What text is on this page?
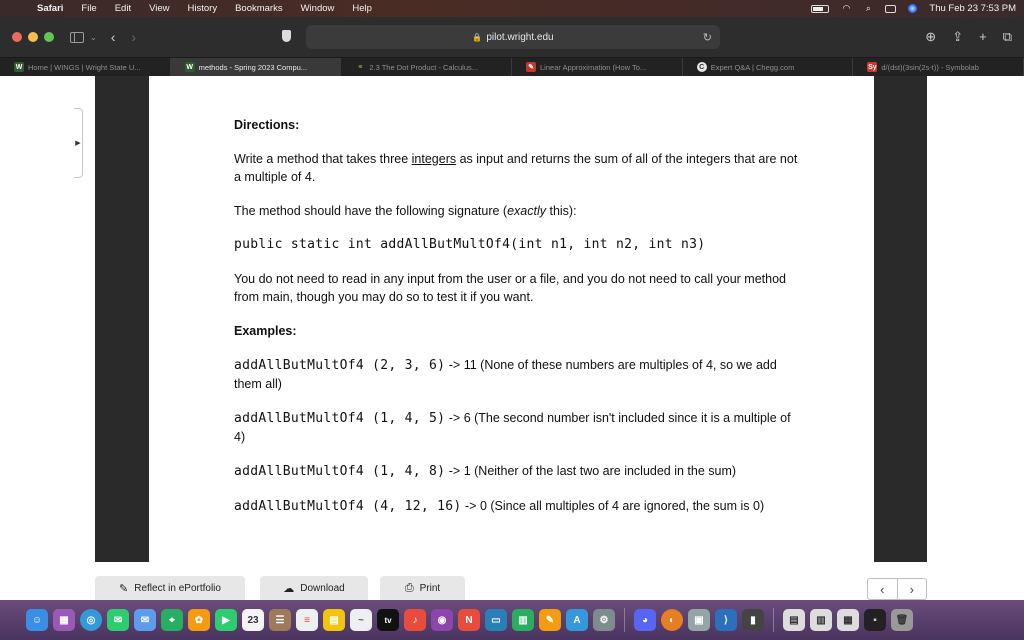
Safari	File	Edit	View	History	Bookmarks	Window	Help	◠ ⌕	Thu Feb 23 7:53 PM
⌄ ‹ ›	🔒 pilot.wright.edu	↻	⊕ ⇪ + ⧉
W Home | WINGS | Wright State U...	W methods - Spring 2023 Compu...	≡ 2.3 The Dot Product - Calculus...	✎ Linear Approximation (How To...	C Expert Q&A | Chegg.com	Sy d/(dst)(3sin(2s-t)) - Symbolab
▶

Directions:

Write a method that takes three integers as input and returns the sum of all of the integers that are not a multiple of 4.

The method should have the following signature (exactly this):

public static int addAllButMultOf4(int n1, int n2, int n3)

You do not need to read in any input from the user or a file, and you do not need to call your method from main, though you may do so to test it if you want.

Examples:

addAllButMultOf4 (2, 3, 6) -> 11 (None of these numbers are multiples of 4, so we add them all)

addAllButMultOf4 (1, 4, 5) -> 6 (The second number isn't included since it is a multiple of 4)

addAllButMultOf4 (1, 4, 8) -> 1 (Neither of the last two are included in the sum)

addAllButMultOf4 (4, 12, 16) -> 0 (Since all multiples of 4 are ignored, the sum is 0)

✎ Reflect in ePortfolio	☁ Download	⎙ Print	‹	›
☺	▦	◎	✉	✉	⌖	✿	▶	23	☰	≡	▤	~	tv	♪	◉	N	▭	▥	✎	A	⚙	◕	◐	▣	⟩	▮	▤	▥	▦	▪	🗑
